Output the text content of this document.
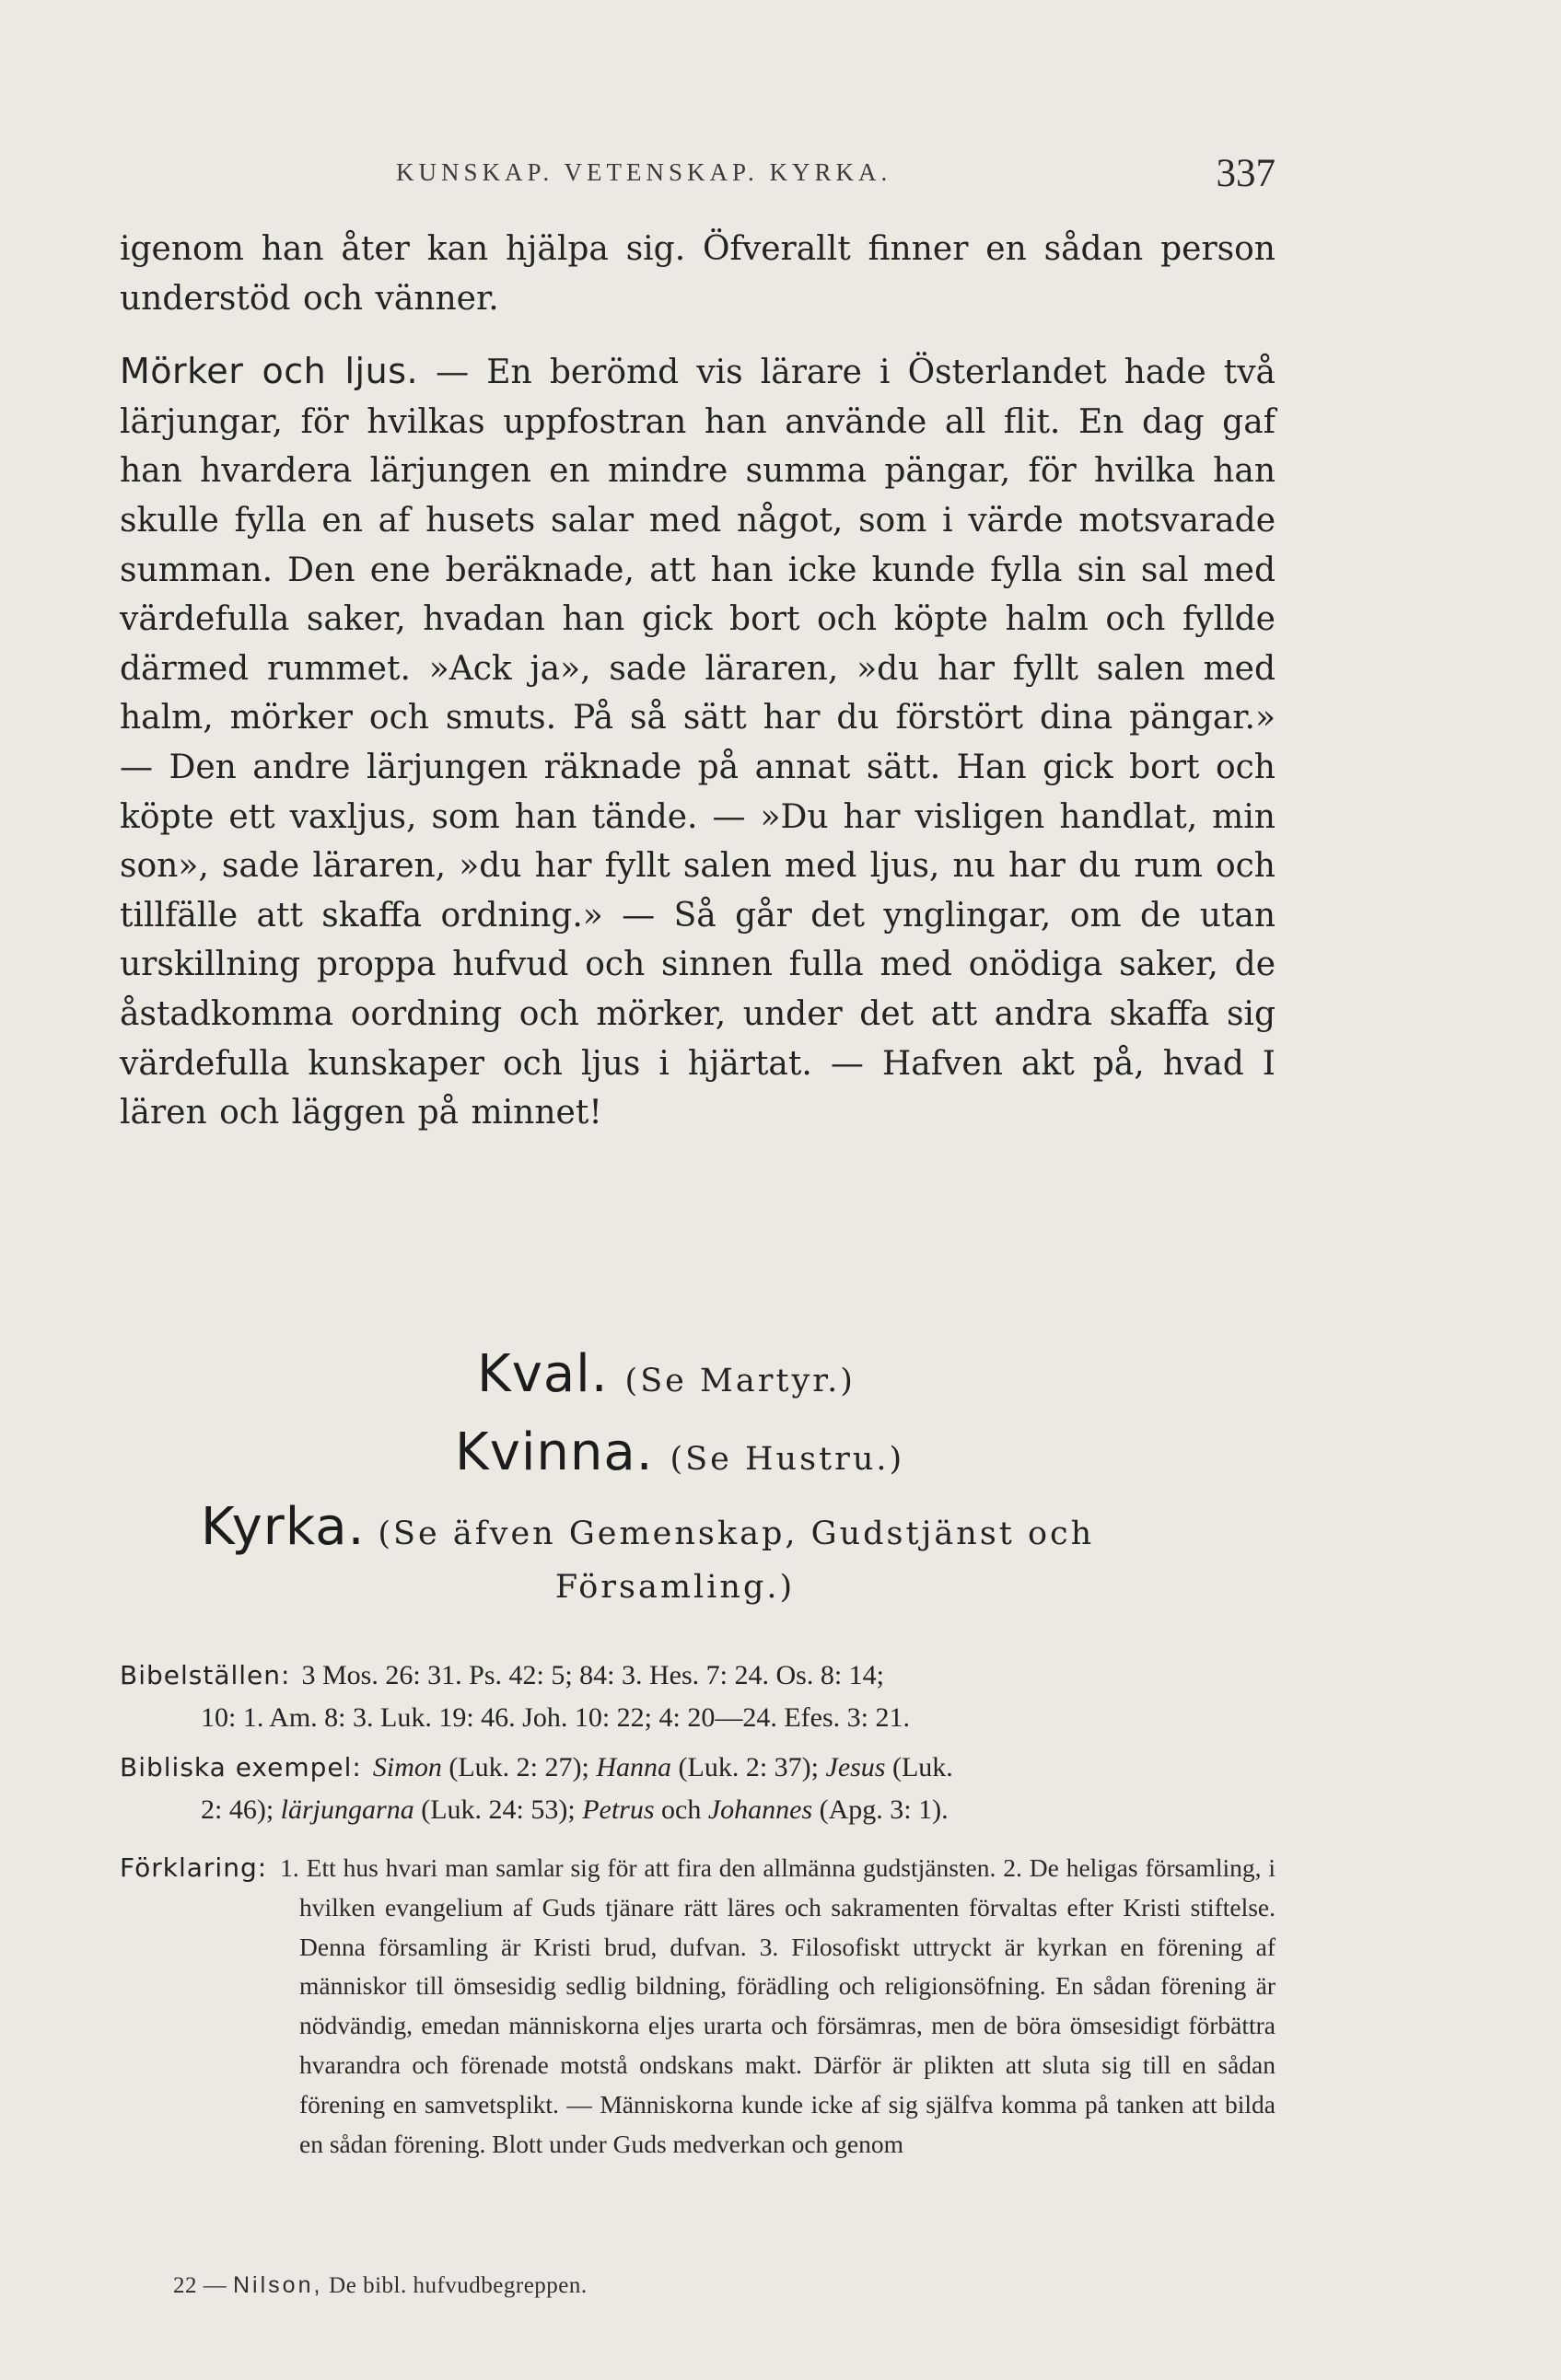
KUNSKAP. VETENSKAP. KYRKA.	337

igenom han åter kan hjälpa sig. Öfverallt finner en sådan person understöd och vänner.

Mörker och ljus. — En berömd vis lärare i Österlandet hade två lärjungar, för hvilkas uppfostran han använde all flit. En dag gaf han hvardera lärjungen en mindre summa pängar, för hvilka han skulle fylla en af husets salar med något, som i värde motsvarade summan. Den ene beräknade, att han icke kunde fylla sin sal med värdefulla saker, hvadan han gick bort och köpte halm och fyllde därmed rummet. »Ack ja», sade läraren, »du har fyllt salen med halm, mörker och smuts. På så sätt har du förstört dina pängar.» — Den andre lärjungen räknade på annat sätt. Han gick bort och köpte ett vaxljus, som han tände. — »Du har visligen handlat, min son», sade läraren, »du har fyllt salen med ljus, nu har du rum och tillfälle att skaffa ordning.» — Så går det ynglingar, om de utan urskillning proppa hufvud och sinnen fulla med onödiga saker, de åstadkomma oordning och mörker, under det att andra skaffa sig värdefulla kunskaper och ljus i hjärtat. — Hafven akt på, hvad I lären och läggen på minnet!

Kval. (Se Martyr.)
Kvinna. (Se Hustru.)
Kyrka. (Se äfven Gemenskap, Gudstjänst och
Församling.)
Bibelställen: 3 Mos. 26: 31. Ps. 42: 5; 84: 3. Hes. 7: 24. Os. 8: 14;
10: 1. Am. 8: 3. Luk. 19: 46. Joh. 10: 22; 4: 20—24. Efes. 3: 21.
Bibliska exempel: Simon (Luk. 2: 27); Hanna (Luk. 2: 37); Jesus (Luk.
2: 46); lärjungarna (Luk. 24: 53); Petrus och Johannes (Apg. 3: 1).
Förklaring: 1. Ett hus hvari man samlar sig för att fira den allmänna gudstjänsten. 2. De heligas församling, i hvilken evangelium af Guds tjänare rätt läres och sakramenten förvaltas efter Kristi stiftelse. Denna församling är Kristi brud, dufvan. 3. Filosofiskt uttryckt är kyrkan en förening af människor till ömsesidig sedlig bildning, förädling och religionsöfning. En sådan förening är nödvändig, emedan människorna eljes urarta och försämras, men de böra ömsesidigt förbättra hvarandra och förenade motstå ondskans makt. Därför är plikten att sluta sig till en sådan förening en samvetsplikt. — Människorna kunde icke af sig själfva komma på tanken att bilda en sådan förening. Blott under Guds medverkan och genom
22 — Nilson, De bibl. hufvudbegreppen.
